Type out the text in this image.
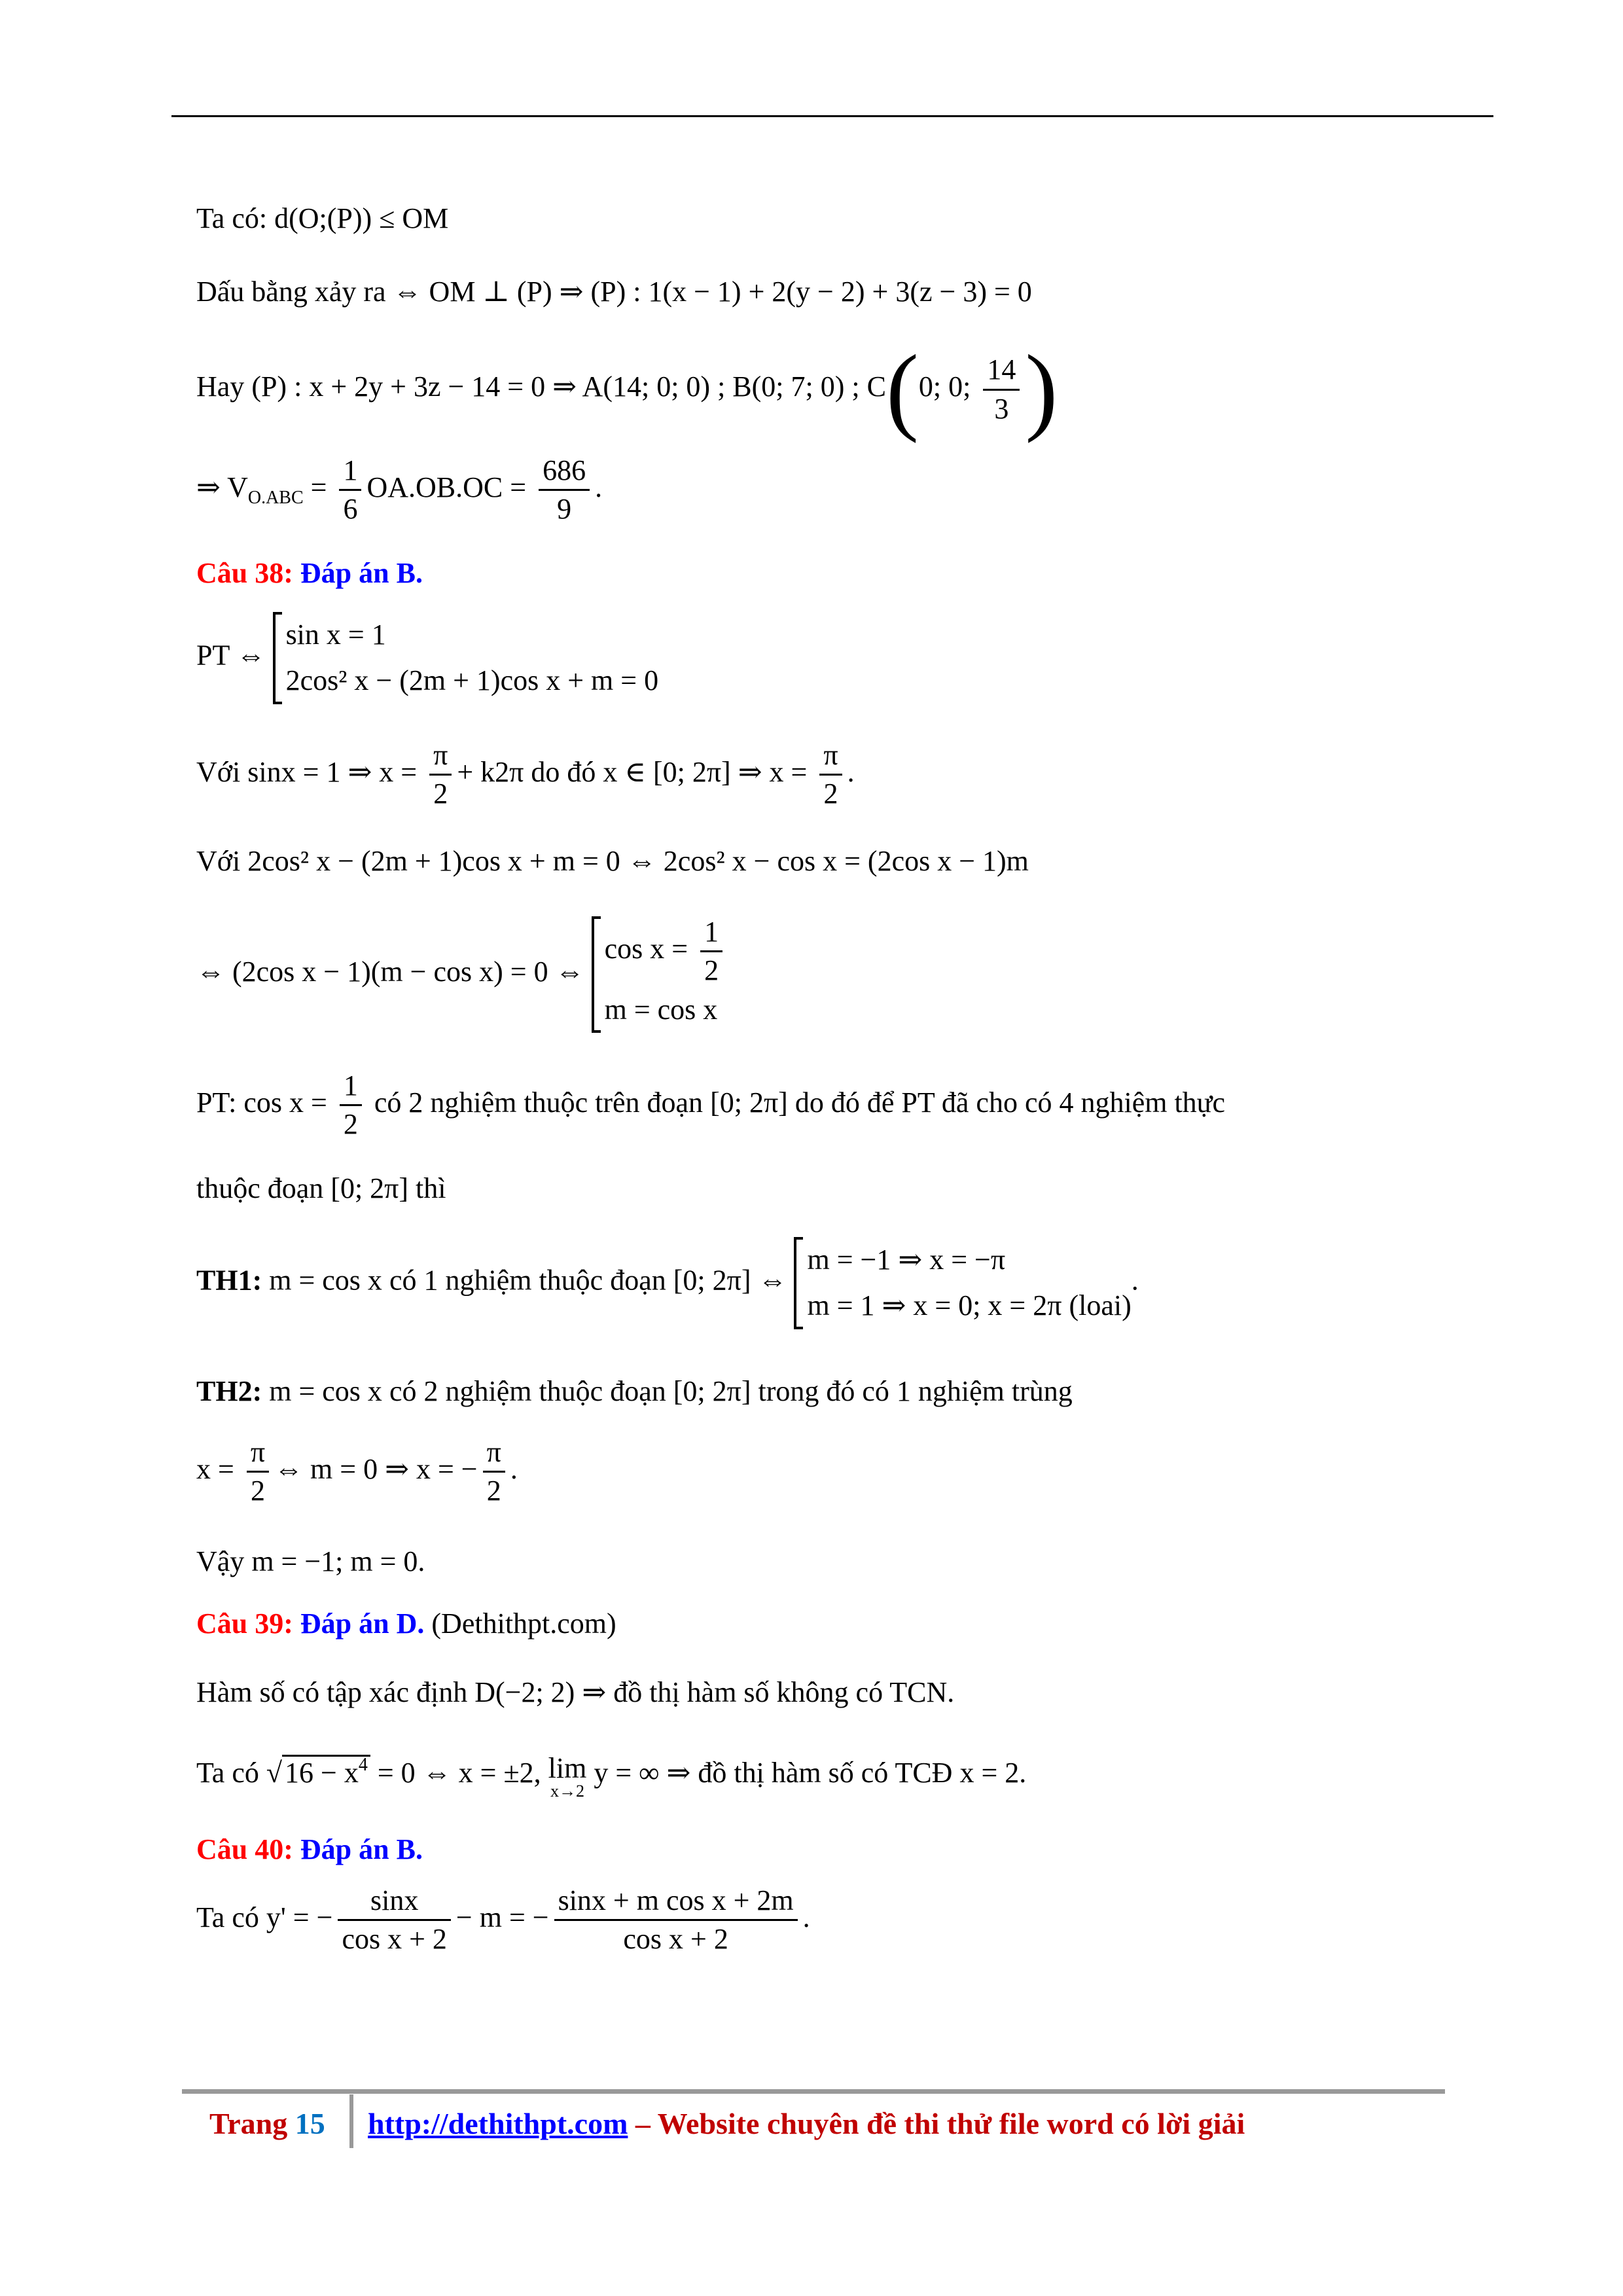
Ta có: d(O;(P)) ≤ OM
Dấu bằng xảy ra ⇔ OM ⊥ (P) ⇒ (P) : 1(x − 1) + 2(y − 2) + 3(z − 3) = 0
Hay (P) : x + 2y + 3z − 14 = 0 ⇒ A(14; 0; 0) ; B(0; 7; 0) ; C(0; 0; $\frac{14}{3}$ )
⇒ $V_{O.ABC} = \frac{1}{6} OA.OB.OC = \frac{686}{9}$ .
Câu 38: Đáp án B.
PT ⇔
sin x = 1
2cos² x − (2m + 1)cos x + m = 0
Với sinx = 1 ⇒ $x = \frac{\pi}{2} + k2\pi$ do đó x ∈ [0; 2π] ⇒ $x = \frac{\pi}{2}$ .
Với 2cos² x − (2m + 1)cos x + m = 0 ⇔ 2cos² x − cos x = (2cos x − 1)m
⇔ (2cos x − 1)(m − cos x) = 0 ⇔
$\cos x = \frac{1}{2}$
m = cos x
PT: $\cos x = \frac{1}{2}$ có 2 nghiệm thuộc trên đoạn [0; 2π] do đó để PT đã cho có 4 nghiệm thực
thuộc đoạn [0; 2π] thì
TH1: m = cos x có 1 nghiệm thuộc đoạn [0; 2π] ⇔
m = −1 ⇒ x = −π
m = 1 ⇒ x = 0; x = 2π (loai)
.
TH2: m = cos x có 2 nghiệm thuộc đoạn [0; 2π] trong đó có 1 nghiệm trùng
$x = \frac{\pi}{2}$ ⇔ m = 0 ⇒ x = − $\frac{\pi}{2}$ .
Vậy m = −1; m = 0.
Câu 39: Đáp án D. (Dethithpt.com)
Hàm số có tập xác định D(−2; 2) ⇒ đồ thị hàm số không có TCN.
Ta có $√16 - x^4 = 0$ ⇔ x = ±2, lim
x→2
y = ∞ ⇒ đồ thị hàm số có TCĐ x = 2.
Câu 40: Đáp án B.
Ta có y' = − $\frac{\sin x}{\text{cos x + 2}} - m$ = − $\frac{\text{sinx + m cos x + 2m}}{\text{cos x + 2}}$ .
Trang 15 http://dethithpt.com – Website chuyên đề thi thử file word có lời giải
